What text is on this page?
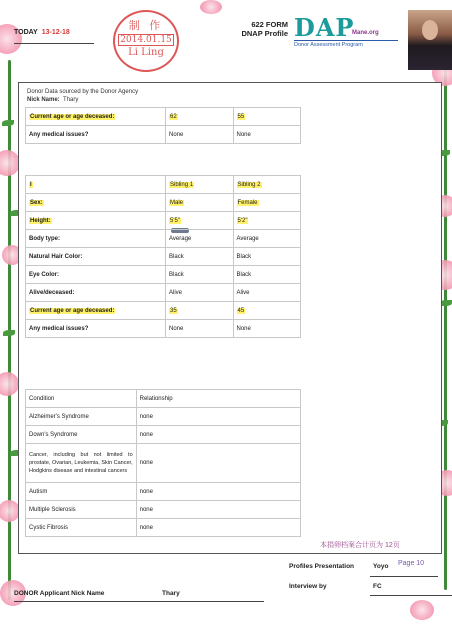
TODAY 13-12-18
制 作
2014.01.15
Li Ling
622 FORM
DNAP Profile DAP
Mane.org
Donor Assessment Program
Donor Data sourced by the Donor Agency
Nick Name: Thary
Current age or age deceased:	62	55
Any medical issues?	None	None
I	Sibling 1	Sibling 2
Sex:	Male	Female
Height:	5'5"	5'2"
Body type:	Average	Average
Natural Hair Color:	Black	Black
Eye Color:	Black	Black
Alive/deceased:	Alive	Alive
Current age or age deceased:	35	45
Any medical issues?	None	None
Condition	Relationship
Alzheimer's Syndrome	none
Down's Syndrome	none
Cancer, including but not limited to prostate, Ovarian, Leukemia, Skin Cancer, Hodgkins disease and intestinal cancers	none
Autism	none
Multiple Sclerosis	none
Cystic Fibrosis	none
本捐卵档案合计页为 12页
Page 10
Profiles Presentation	Yoyo
Interview by	FC
DONOR Applicant Nick Name	Thary
